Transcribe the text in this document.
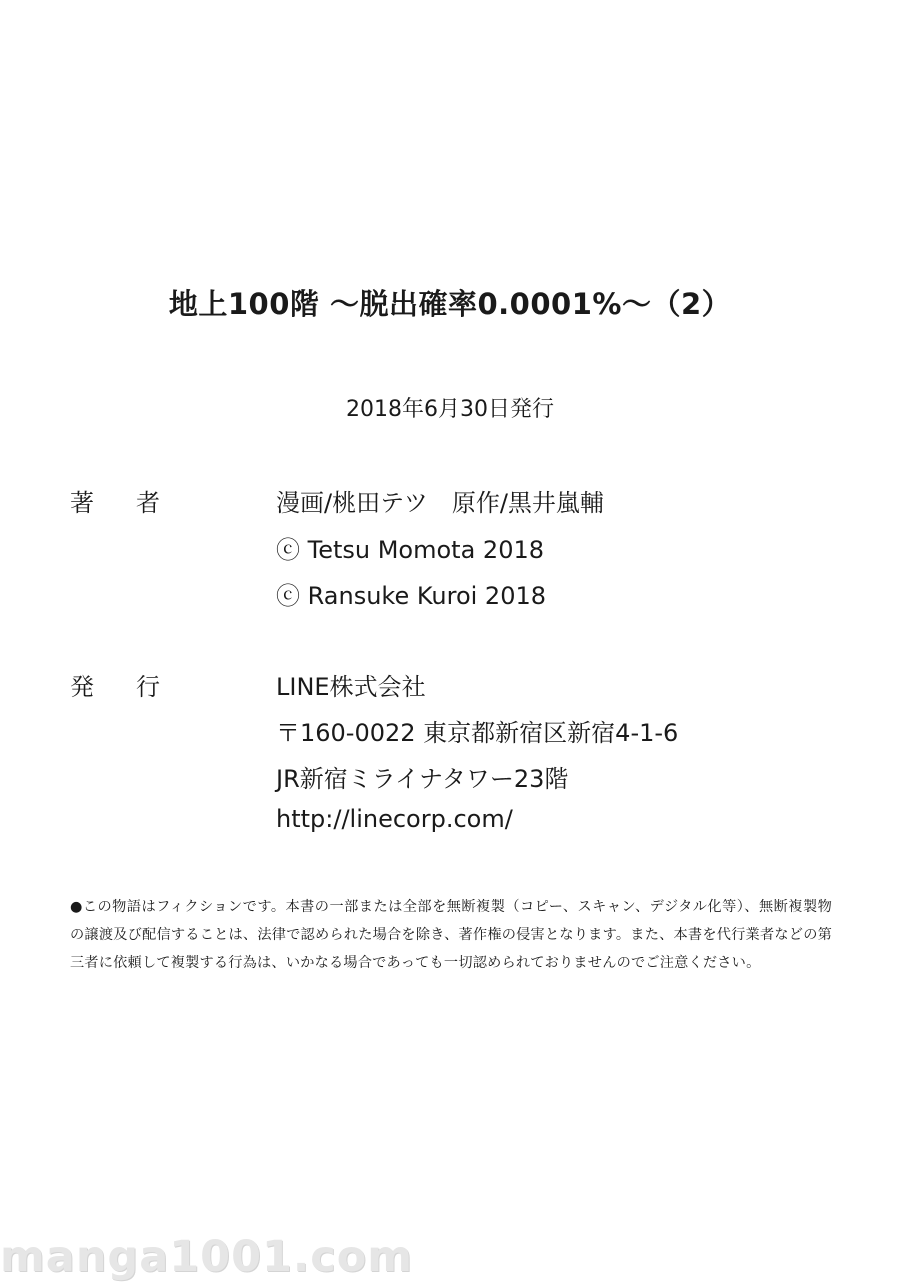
地上100階 ～脱出確率0.0001%～（2）
2018年6月30日発行
著 者	漫画/桃田テツ　原作/黒井嵐輔
ⓒ Tetsu Momota 2018
ⓒ Ransuke Kuroi 2018
発 行	LINE株式会社
〒160-0022 東京都新宿区新宿4-1-6
JR新宿ミライナタワー23階
http://linecorp.com/
●この物語はフィクションです。本書の一部または全部を無断複製（コピー、スキャン、デジタル化等）、無断複製物の譲渡及び配信することは、法律で認められた場合を除き、著作権の侵害となります。また、本書を代行業者などの第三者に依頼して複製する行為は、いかなる場合であっても一切認められておりませんのでご注意ください。
manga1001.com
